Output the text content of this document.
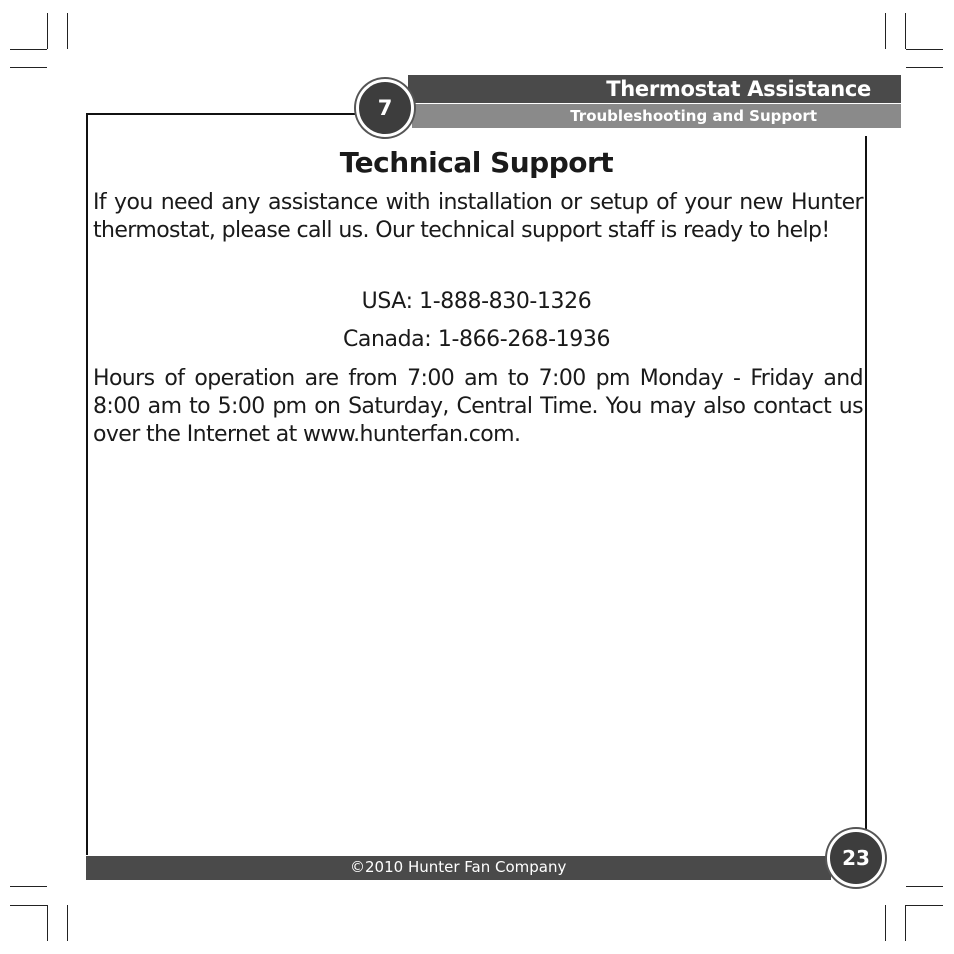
Thermostat Assistance
Troubleshooting and Support
7
Technical Support
If you need any assistance with installation or setup of your new Hunter thermostat, please call us. Our technical support staff is ready to help!
USA: 1-888-830-1326
Canada: 1-866-268-1936
Hours of operation are from 7:00 am to 7:00 pm Monday - Friday and 8:00 am to 5:00 pm on Saturday, Central Time. You may also contact us over the Internet at www.hunterfan.com.
©2010 Hunter Fan Company	23
